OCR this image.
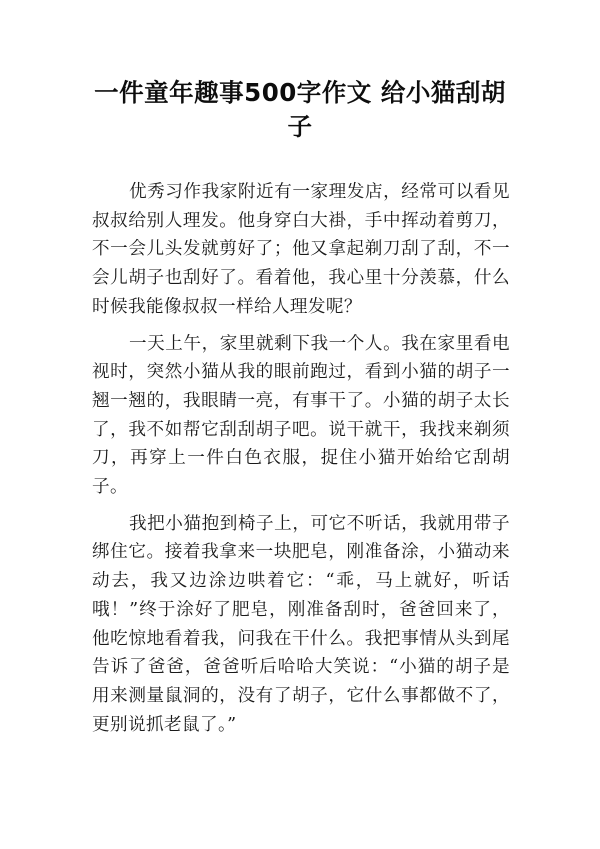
一件童年趣事500字作文 给小猫刮胡子

优秀习作我家附近有一家理发店，经常可以看见叔叔给别人理发。他身穿白大褂，手中挥动着剪刀，不一会儿头发就剪好了；他又拿起剃刀刮了刮，不一会儿胡子也刮好了。看着他，我心里十分羡慕，什么时候我能像叔叔一样给人理发呢？

一天上午，家里就剩下我一个人。我在家里看电视时，突然小猫从我的眼前跑过，看到小猫的胡子一翘一翘的，我眼睛一亮，有事干了。小猫的胡子太长了，我不如帮它刮刮胡子吧。说干就干，我找来剃须刀，再穿上一件白色衣服，捉住小猫开始给它刮胡子。

我把小猫抱到椅子上，可它不听话，我就用带子绑住它。接着我拿来一块肥皂，刚准备涂，小猫动来动去，我又边涂边哄着它：“乖，马上就好，听话哦！”终于涂好了肥皂，刚准备刮时，爸爸回来了，他吃惊地看着我，问我在干什么。我把事情从头到尾告诉了爸爸，爸爸听后哈哈大笑说：“小猫的胡子是用来测量鼠洞的，没有了胡子，它什么事都做不了，更别说抓老鼠了。”
